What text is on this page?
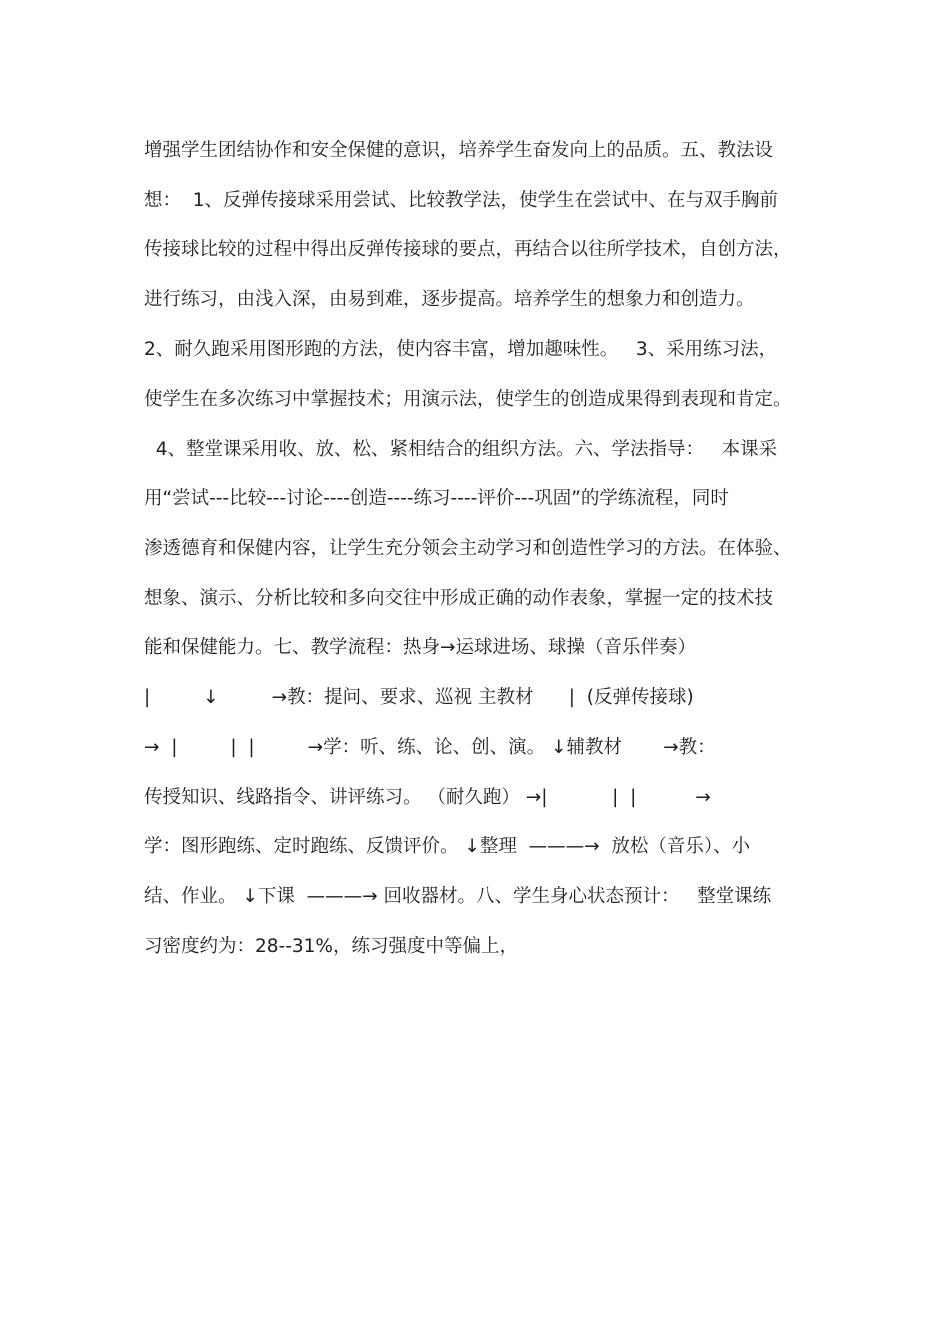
增强学生团结协作和安全保健的意识，培养学生奋发向上的品质。五、教法设
想：  1、反弹传接球采用尝试、比较教学法，使学生在尝试中、在与双手胸前
传接球比较的过程中得出反弹传接球的要点，再结合以往所学技术，自创方法，
进行练习，由浅入深，由易到难，逐步提高。培养学生的想象力和创造力。
2、耐久跑采用图形跑的方法，使内容丰富，增加趣味性。   3、采用练习法，
使学生在多次练习中掌握技术；用演示法，使学生的创造成果得到表现和肯定。
4、整堂课采用收、放、松、紧相结合的组织方法。六、学法指导：   本课采
用“尝试---比较---讨论----创造----练习----评价---巩固”的学练流程，同时
渗透德育和保健内容，让学生充分领会主动学习和创造性学习的方法。在体验、
想象、演示、分析比较和多向交往中形成正确的动作表象，掌握一定的技术技
能和保健能力。七、教学流程：热身→运球进场、球操（音乐伴奏）
|         ↓         →教：提问、要求、巡视 主教材      |  (反弹传接球)
→  |         |  |         →学：听、练、论、创、演。 ↓辅教材       →教：
传授知识、线路指令、讲评练习。 （耐久跑） →|           |  |          →
学：图形跑练、定时跑练、反馈评价。 ↓整理  ———→  放松（音乐）、小
结、作业。 ↓下课  ———→ 回收器材。八、学生身心状态预计：   整堂课练
习密度约为：28--31%，练习强度中等偏上，
